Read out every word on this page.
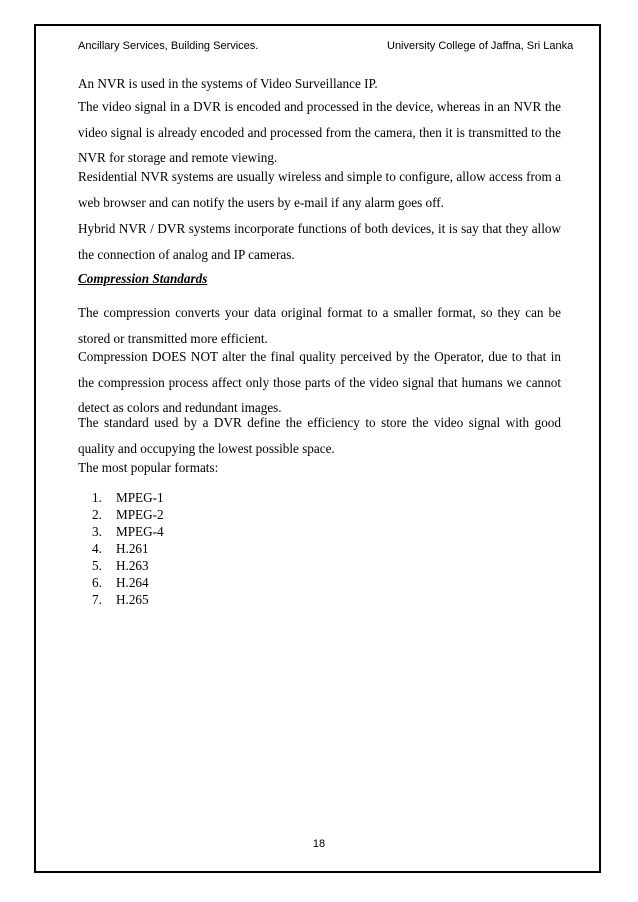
Ancillary Services, Building Services.	University College of Jaffna, Sri Lanka

An NVR is used in the systems of Video Surveillance IP.

The video signal in a DVR is encoded and processed in the device, whereas in an NVR the video signal is already encoded and processed from the camera, then it is transmitted to the NVR for storage and remote viewing.

Residential NVR systems are usually wireless and simple to configure, allow access from a web browser and can notify the users by e-mail if any alarm goes off.

Hybrid NVR / DVR systems incorporate functions of both devices, it is say that they allow the connection of analog and IP cameras.

Compression Standards

The compression converts your data original format to a smaller format, so they can be stored or transmitted more efficient.

Compression DOES NOT alter the final quality perceived by the Operator, due to that in the compression process affect only those parts of the video signal that humans we cannot detect as colors and redundant images.

The standard used by a DVR define the efficiency to store the video signal with good quality and occupying the lowest possible space.

The most popular formats:

1. MPEG-1
2. MPEG-2
3. MPEG-4
4. H.261
5. H.263
6. H.264
7. H.265
18
